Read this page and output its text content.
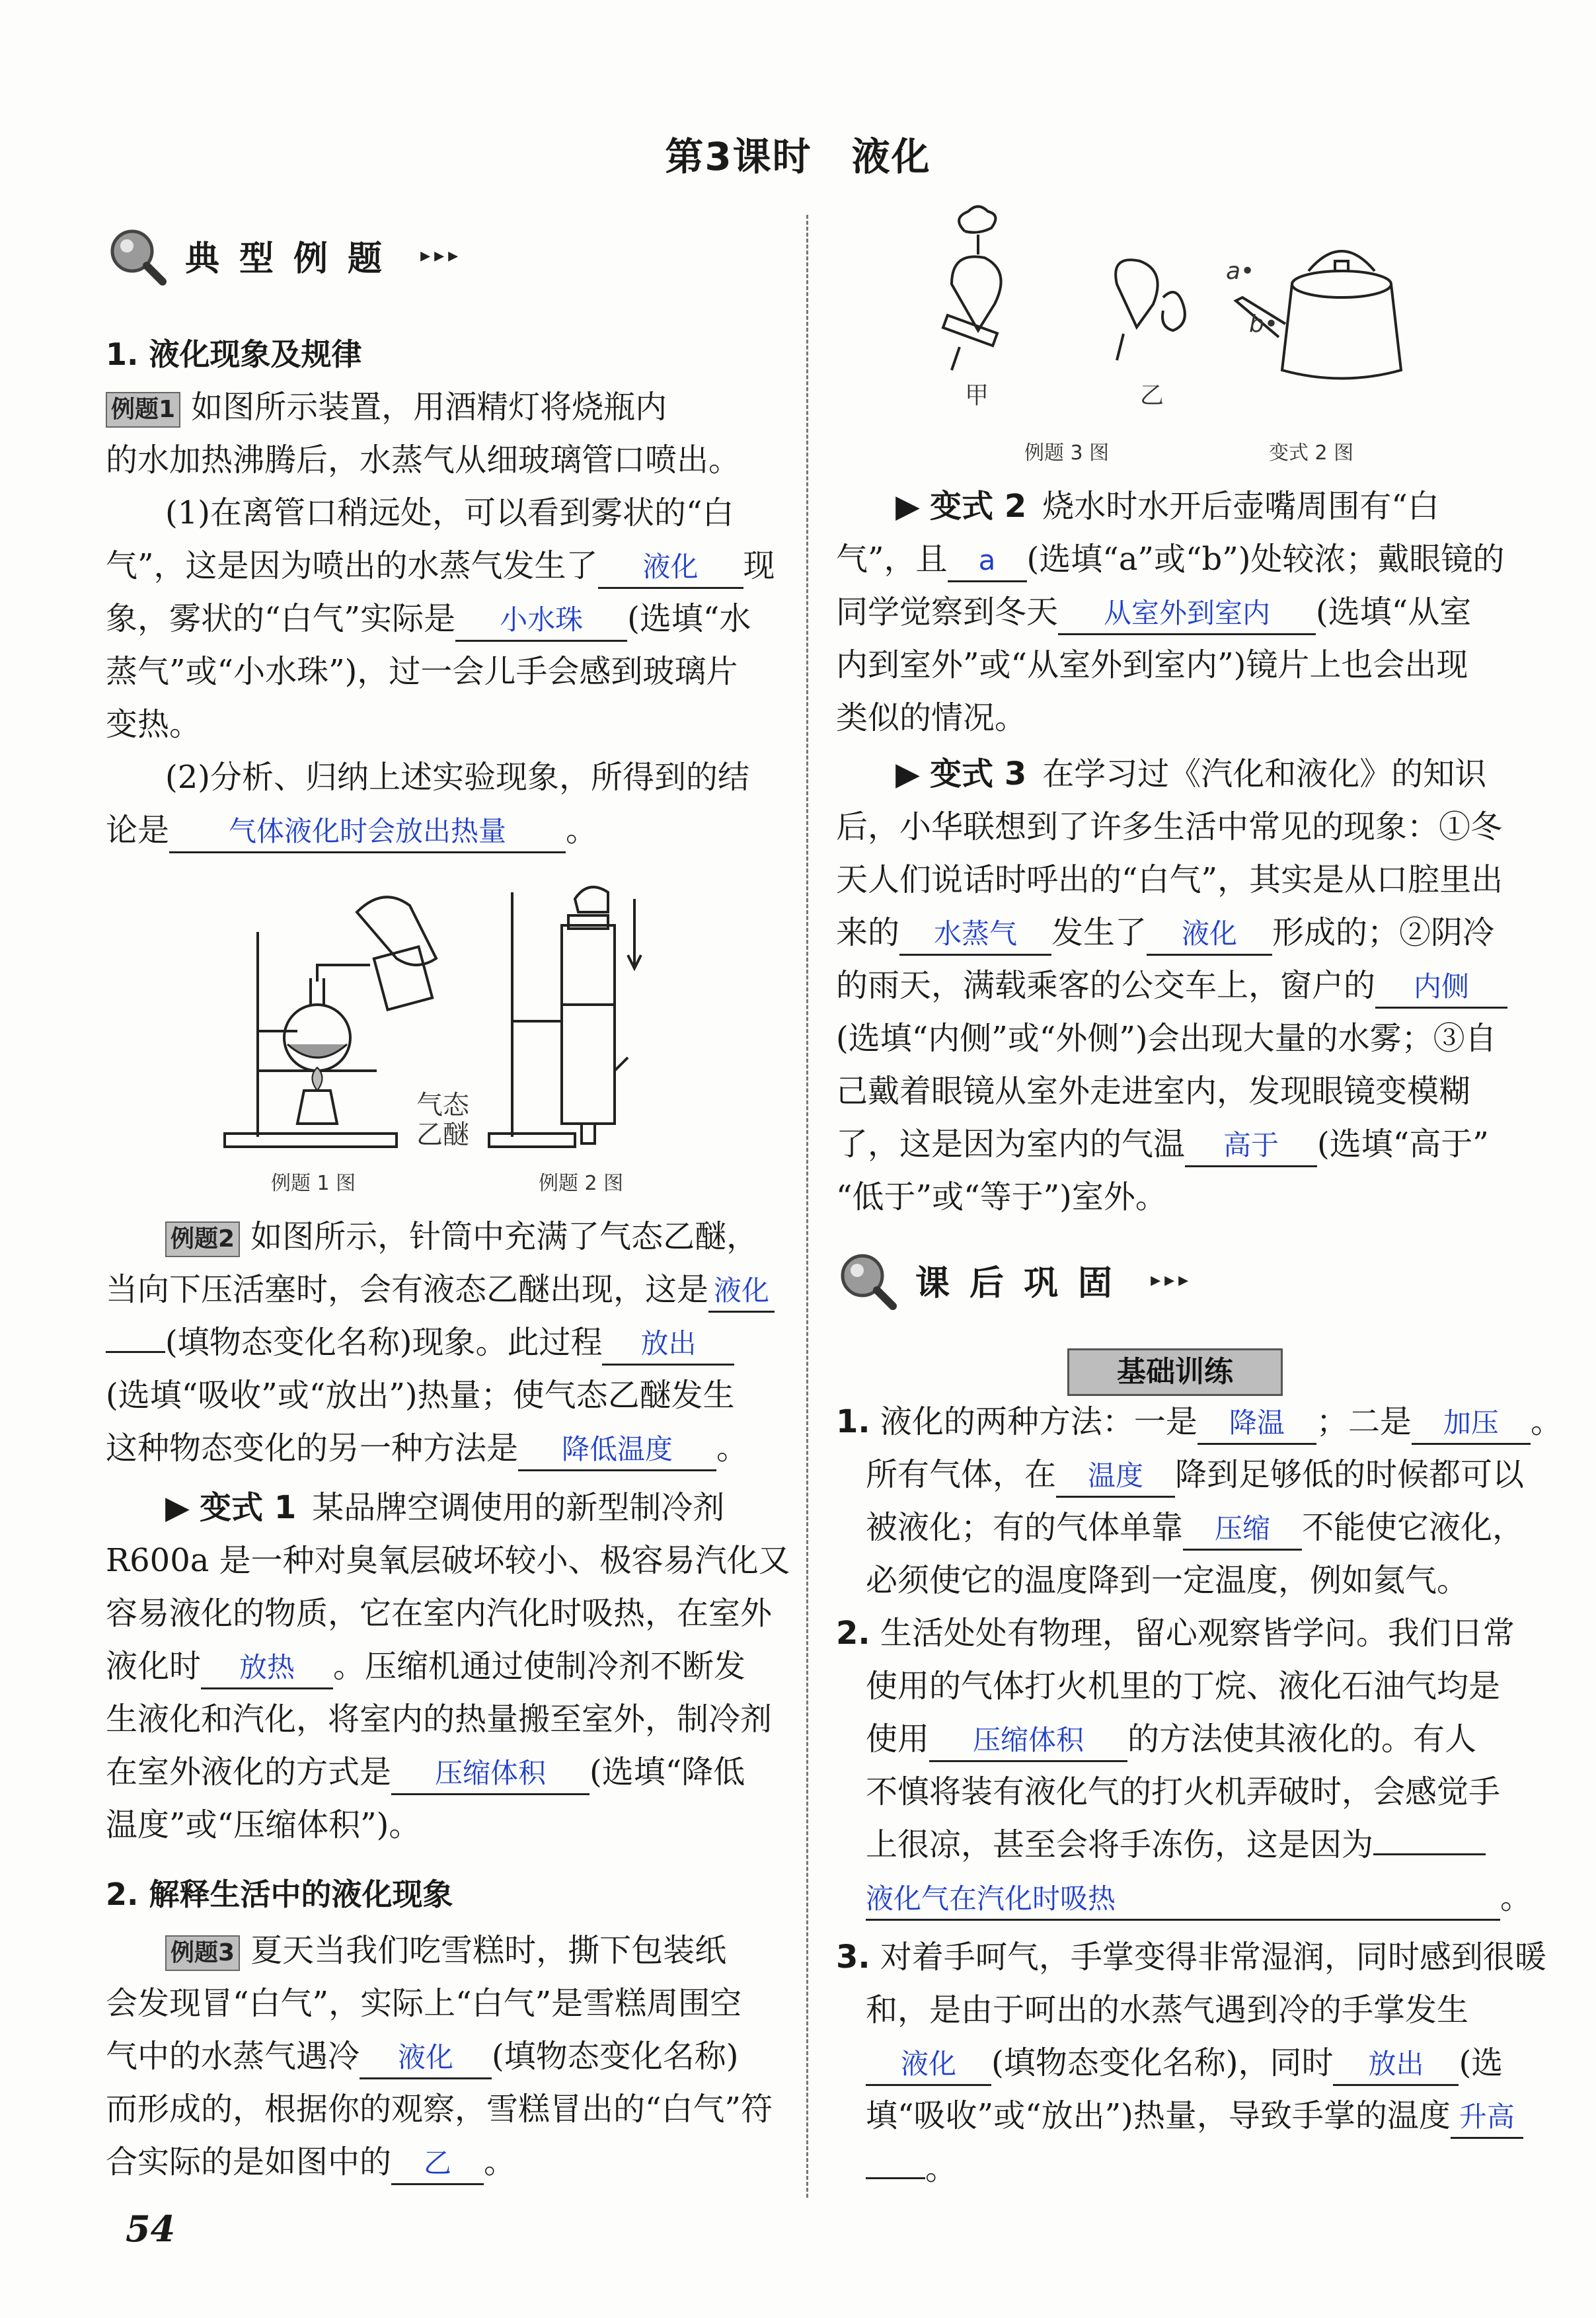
第3课时　液化
典 型 例 题	▸▸▸
1. 液化现象及规律
例题1 如图所示装置，用酒精灯将烧瓶内
的水加热沸腾后，水蒸气从细玻璃管口喷出。
(1)在离管口稍远处，可以看到雾状的“白
气”，这是因为喷出的水蒸气发生了 液化 现
象，雾状的“白气”实际是 小水珠 (选填“水
蒸气”或“小水珠”)，过一会儿手会感到玻璃片
变热。
(2)分析、归纳上述实验现象，所得到的结
论是 气体液化时会放出热量 。
气态
乙醚
例题 1 图	例题 2 图
例题2 如图所示，针筒中充满了气态乙醚，
当向下压活塞时，会有液态乙醚出现，这是 液化
(填物态变化名称)现象。此过程 放出
(选填“吸收”或“放出”)热量；使气态乙醚发生
这种物态变化的另一种方法是 降低温度 。
▶ 变式 1 某品牌空调使用的新型制冷剂
R600a 是一种对臭氧层破坏较小、极容易汽化又
容易液化的物质，它在室内汽化时吸热，在室外
液化时 放热 。压缩机通过使制冷剂不断发
生液化和汽化，将室内的热量搬至室外，制冷剂
在室外液化的方式是 压缩体积 (选填“降低
温度”或“压缩体积”)。
2. 解释生活中的液化现象
例题3 夏天当我们吃雪糕时，撕下包装纸
会发现冒“白气”，实际上“白气”是雪糕周围空
气中的水蒸气遇冷 液化 (填物态变化名称)
而形成的，根据你的观察，雪糕冒出的“白气”符
合实际的是如图中的 乙 。
54
甲	乙
a•
b•
例题 3 图	变式 2 图
▶ 变式 2 烧水时水开后壶嘴周围有“白
气”，且 a (选填“a”或“b”)处较浓；戴眼镜的
同学觉察到冬天 从室外到室内 (选填“从室
内到室外”或“从室外到室内”)镜片上也会出现
类似的情况。
▶ 变式 3 在学习过《汽化和液化》的知识
后，小华联想到了许多生活中常见的现象：①冬
天人们说话时呼出的“白气”，其实是从口腔里出
来的 水蒸气 发生了 液化 形成的；②阴冷
的雨天，满载乘客的公交车上，窗户的 内侧
(选填“内侧”或“外侧”)会出现大量的水雾；③自
己戴着眼镜从室外走进室内，发现眼镜变模糊
了，这是因为室内的气温 高于 (选填“高于”
“低于”或“等于”)室外。
课 后 巩 固	▸▸▸
基础训练
1. 液化的两种方法：一是 降温 ；二是 加压 。
所有气体，在 温度 降到足够低的时候都可以
被液化；有的气体单靠 压缩 不能使它液化，
必须使它的温度降到一定温度，例如氦气。
2. 生活处处有物理，留心观察皆学问。我们日常
使用的气体打火机里的丁烷、液化石油气均是
使用 压缩体积 的方法使其液化的。有人
不慎将装有液化气的打火机弄破时，会感觉手
上很凉，甚至会将手冻伤，这是因为
液化气在汽化时吸热	。
3. 对着手呵气，手掌变得非常湿润，同时感到很暖
和，是由于呵出的水蒸气遇到冷的手掌发生
液化 (填物态变化名称)，同时 放出 (选
填“吸收”或“放出”)热量，导致手掌的温度 升高
。
